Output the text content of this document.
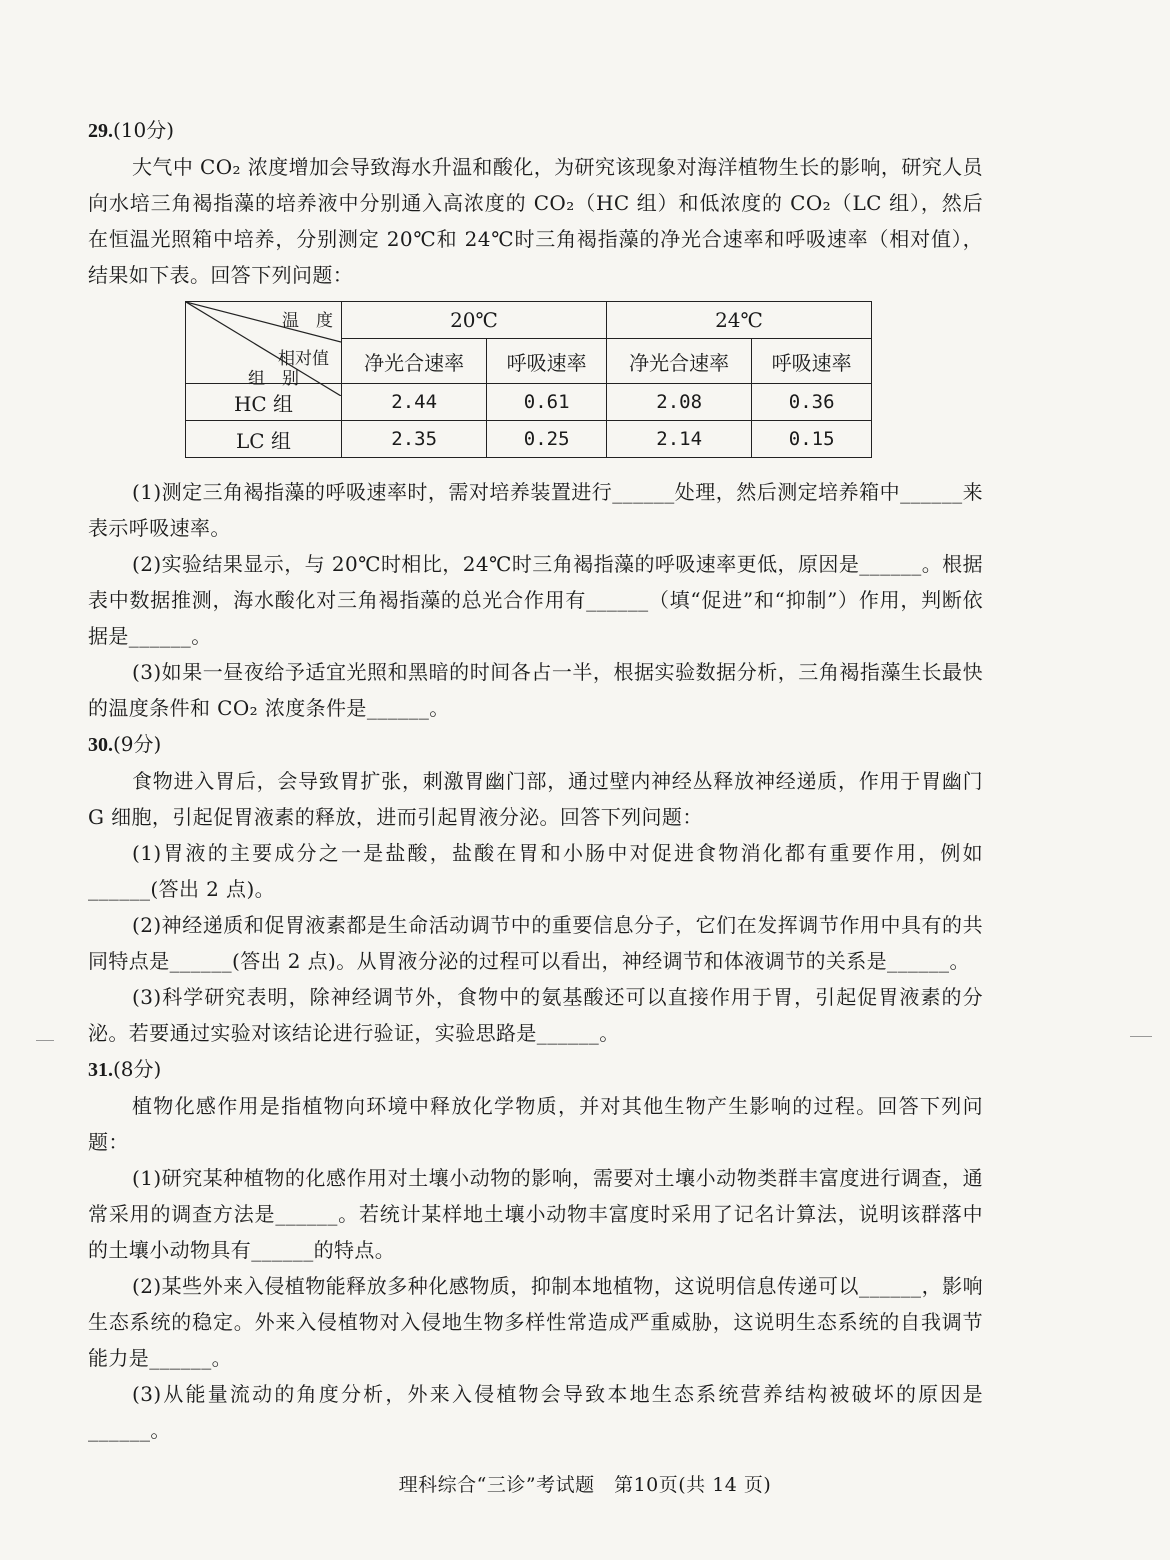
29.(10分)

大气中 CO₂ 浓度增加会导致海水升温和酸化，为研究该现象对海洋植物生长的影响，研究人员向水培三角褐指藻的培养液中分别通入高浓度的 CO₂（HC 组）和低浓度的 CO₂（LC 组），然后在恒温光照箱中培养，分别测定 20℃和 24℃时三角褐指藻的净光合速率和呼吸速率（相对值），结果如下表。回答下列问题：

温　度
相对值
组　别	20℃		24℃	
	净光合速率	呼吸速率	净光合速率	呼吸速率
HC 组	2.44	0.61	2.08	0.36
LC 组	2.35	0.25	2.14	0.15

(1)测定三角褐指藻的呼吸速率时，需对培养装置进行______处理，然后测定培养箱中______来表示呼吸速率。

(2)实验结果显示，与 20℃时相比，24℃时三角褐指藻的呼吸速率更低，原因是______。根据表中数据推测，海水酸化对三角褐指藻的总光合作用有______（填“促进”和“抑制”）作用，判断依据是______。

(3)如果一昼夜给予适宜光照和黑暗的时间各占一半，根据实验数据分析，三角褐指藻生长最快的温度条件和 CO₂ 浓度条件是______。

30.(9分)

食物进入胃后，会导致胃扩张，刺激胃幽门部，通过壁内神经丛释放神经递质，作用于胃幽门 G 细胞，引起促胃液素的释放，进而引起胃液分泌。回答下列问题：

(1)胃液的主要成分之一是盐酸，盐酸在胃和小肠中对促进食物消化都有重要作用，例如______(答出 2 点)。

(2)神经递质和促胃液素都是生命活动调节中的重要信息分子，它们在发挥调节作用中具有的共同特点是______(答出 2 点)。从胃液分泌的过程可以看出，神经调节和体液调节的关系是______。

(3)科学研究表明，除神经调节外，食物中的氨基酸还可以直接作用于胃，引起促胃液素的分泌。若要通过实验对该结论进行验证，实验思路是______。

31.(8分)

植物化感作用是指植物向环境中释放化学物质，并对其他生物产生影响的过程。回答下列问题：

(1)研究某种植物的化感作用对土壤小动物的影响，需要对土壤小动物类群丰富度进行调查，通常采用的调查方法是______。若统计某样地土壤小动物丰富度时采用了记名计算法，说明该群落中的土壤小动物具有______的特点。

(2)某些外来入侵植物能释放多种化感物质，抑制本地植物，这说明信息传递可以______，影响生态系统的稳定。外来入侵植物对入侵地生物多样性常造成严重威胁，这说明生态系统的自我调节能力是______。

(3)从能量流动的角度分析，外来入侵植物会导致本地生态系统营养结构被破坏的原因是______。

理科综合“三诊”考试题　第10页(共 14 页)
